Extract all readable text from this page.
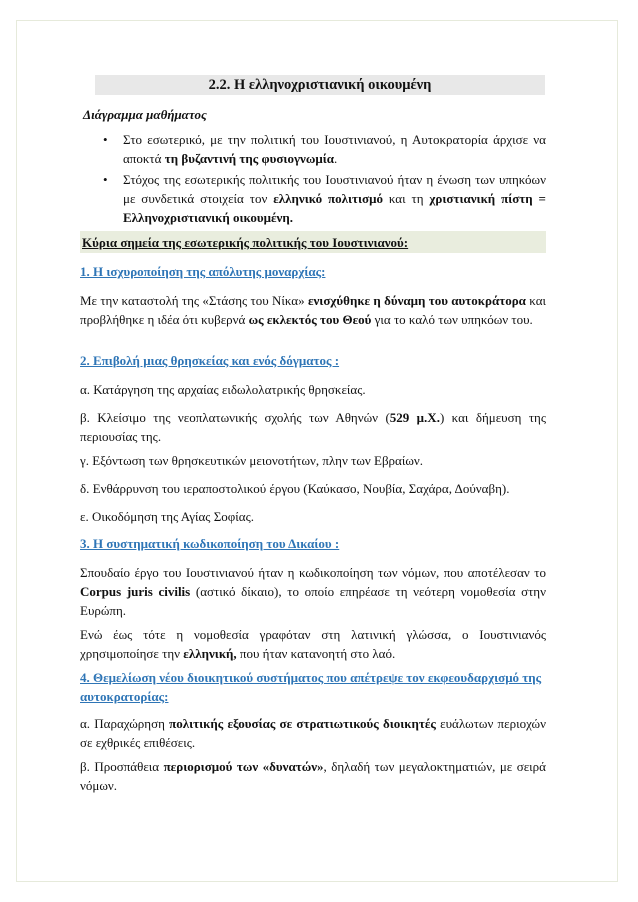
2.2. Η ελληνοχριστιανική οικουμένη
Διάγραμμα μαθήματος
• Στο εσωτερικό, με την πολιτική του Ιουστινιανού, η Αυτοκρατορία άρχισε να αποκτά τη βυζαντινή της φυσιογνωμία.
• Στόχος της εσωτερικής πολιτικής του Ιουστινιανού ήταν η ένωση των υπηκόων με συνδετικά στοιχεία τον ελληνικό πολιτισμό και τη χριστιανική πίστη = Ελληνοχριστιανική οικουμένη.
Κύρια σημεία της εσωτερικής πολιτικής του Ιουστινιανού:
1. Η ισχυροποίηση της απόλυτης μοναρχίας:
Με την καταστολή της «Στάσης του Νίκα» ενισχύθηκε η δύναμη του αυτοκράτορα και προβλήθηκε η ιδέα ότι κυβερνά ως εκλεκτός του Θεού για το καλό των υπηκόων του.
2. Επιβολή μιας θρησκείας και ενός δόγματος :
α. Κατάργηση της αρχαίας ειδωλολατρικής θρησκείας.
β. Κλείσιμο της νεοπλατωνικής σχολής των Αθηνών (529 μ.Χ.) και δήμευση της περιουσίας της.
γ. Εξόντωση των θρησκευτικών μειονοτήτων, πλην των Εβραίων.
δ. Ενθάρρυνση του ιεραποστολικού έργου (Καύκασο, Νουβία, Σαχάρα, Δούναβη).
ε. Οικοδόμηση της Αγίας Σοφίας.
3. Η συστηματική κωδικοποίηση του Δικαίου :
Σπουδαίο έργο του Ιουστινιανού ήταν η κωδικοποίηση των νόμων, που αποτέλεσαν το Corpus juris civilis (αστικό δίκαιο), το οποίο επηρέασε τη νεότερη νομοθεσία στην Ευρώπη.
Ενώ έως τότε η νομοθεσία γραφόταν στη λατινική γλώσσα, ο Ιουστινιανός χρησιμοποίησε την ελληνική, που ήταν κατανοητή στο λαό.
4. Θεμελίωση νέου διοικητικού συστήματος που απέτρεψε τον εκφεουδαρχισμό της αυτοκρατορίας:
α. Παραχώρηση πολιτικής εξουσίας σε στρατιωτικούς διοικητές ευάλωτων περιοχών σε εχθρικές επιθέσεις.
β. Προσπάθεια περιορισμού των «δυνατών», δηλαδή των μεγαλοκτηματιών, με σειρά νόμων.
